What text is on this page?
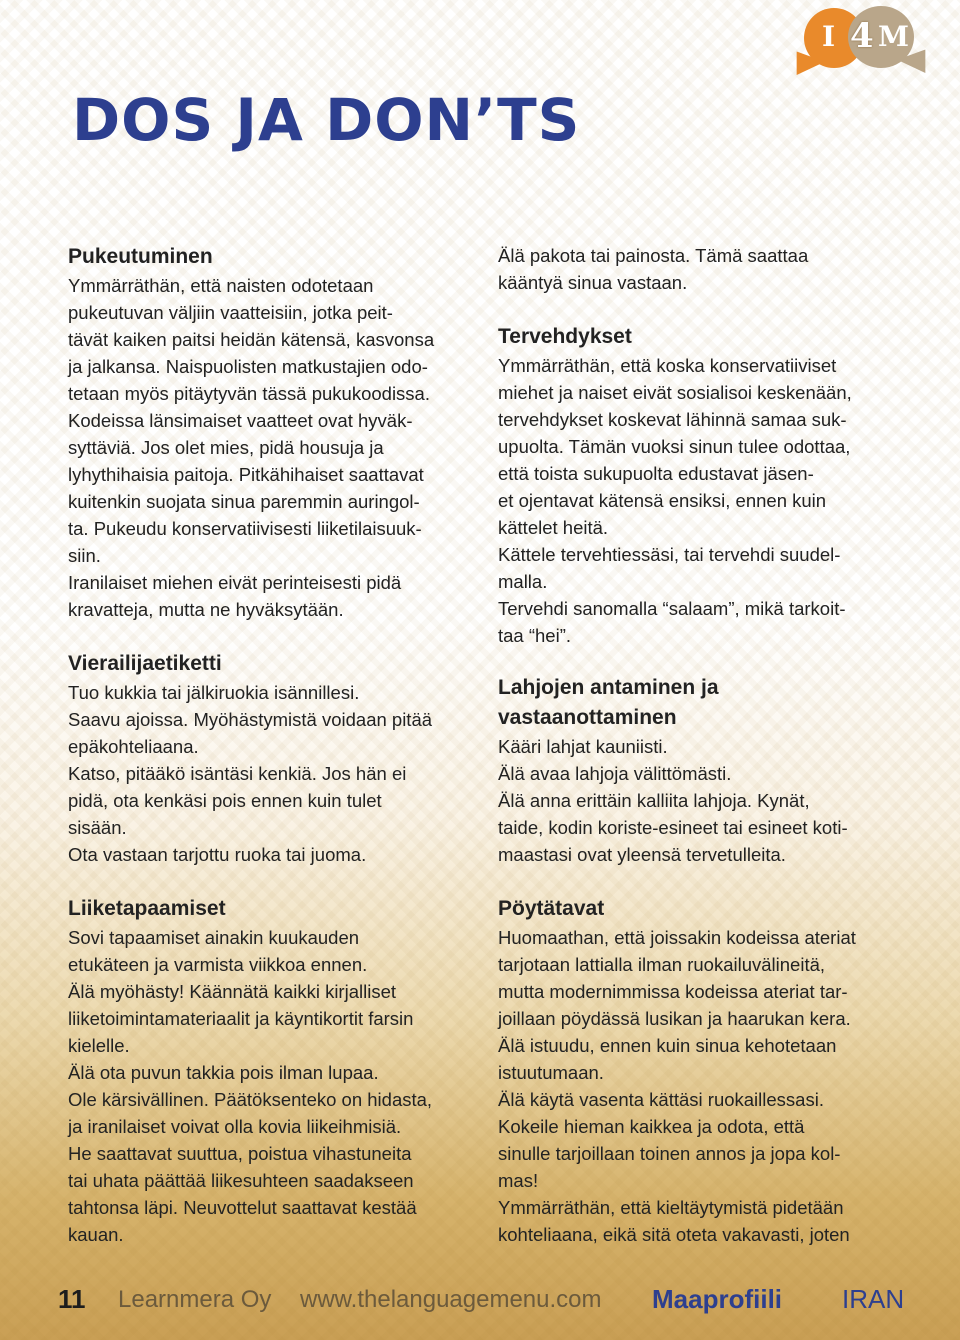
I 4 M
DOS JA DON’TS
Pukeutuminen

Ymmärräthän, että naisten odotetaan

pukeutuvan väljiin vaatteisiin, jotka peit-

tävät kaiken paitsi heidän kätensä, kasvonsa

ja jalkansa. Naispuolisten matkustajien odo-

tetaan myös pitäytyvän tässä pukukoodissa.

Kodeissa länsimaiset vaatteet ovat hyväk-

syttäviä. Jos olet mies, pidä housuja ja

lyhythihaisia paitoja. Pitkähihaiset saattavat

kuitenkin suojata sinua paremmin auringol-

ta. Pukeudu konservatiivisesti liiketilaisuuk-

siin.

Iranilaiset miehen eivät perinteisesti pidä

kravatteja, mutta ne hyväksytään.

Vierailijaetiketti

Tuo kukkia tai jälkiruokia isännillesi.

Saavu ajoissa. Myöhästymistä voidaan pitää

epäkohteliaana.

Katso, pitääkö isäntäsi kenkiä. Jos hän ei

pidä, ota kenkäsi pois ennen kuin tulet

sisään.

Ota vastaan tarjottu ruoka tai juoma.

Liiketapaamiset

Sovi tapaamiset ainakin kuukauden

etukäteen ja varmista viikkoa ennen.

Älä myöhästy! Käännätä kaikki kirjalliset

liiketoimintamateriaalit ja käyntikortit farsin

kielelle.

Älä ota puvun takkia pois ilman lupaa.

Ole kärsivällinen. Päätöksenteko on hidasta,

ja iranilaiset voivat olla kovia liikeihmisiä.

He saattavat suuttua, poistua vihastuneita

tai uhata päättää liikesuhteen saadakseen

tahtonsa läpi. Neuvottelut saattavat kestää

kauan.

Älä pakota tai painosta. Tämä saattaa

kääntyä sinua vastaan.

Tervehdykset

Ymmärräthän, että koska konservatiiviset

miehet ja naiset eivät sosialisoi keskenään,

tervehdykset koskevat lähinnä samaa suk-

upuolta. Tämän vuoksi sinun tulee odottaa,

että toista sukupuolta edustavat jäsen-

et ojentavat kätensä ensiksi, ennen kuin

kättelet heitä.

Kättele tervehtiessäsi, tai tervehdi suudel-

malla.

Tervehdi sanomalla “salaam”, mikä tarkoit-

taa “hei”.

Lahjojen antaminen ja
vastaanottaminen

Kääri lahjat kauniisti.

Älä avaa lahjoja välittömästi.

Älä anna erittäin kalliita lahjoja. Kynät,

taide, kodin koriste-esineet tai esineet koti-

maastasi ovat yleensä tervetulleita.

Pöytätavat

Huomaathan, että joissakin kodeissa ateriat

tarjotaan lattialla ilman ruokailuvälineitä,

mutta modernimmissa kodeissa ateriat tar-

joillaan pöydässä lusikan ja haarukan kera.

Älä istuudu, ennen kuin sinua kehotetaan

istuutumaan.

Älä käytä vasenta kättäsi ruokaillessasi.

Kokeile hieman kaikkea ja odota, että

sinulle tarjoillaan toinen annos ja jopa kol-

mas!

Ymmärräthän, että kieltäytymistä pidetään

kohteliaana, eikä sitä oteta vakavasti, joten

11 Learnmera Oy www.thelanguagemenu.com Maaprofiili IRAN
